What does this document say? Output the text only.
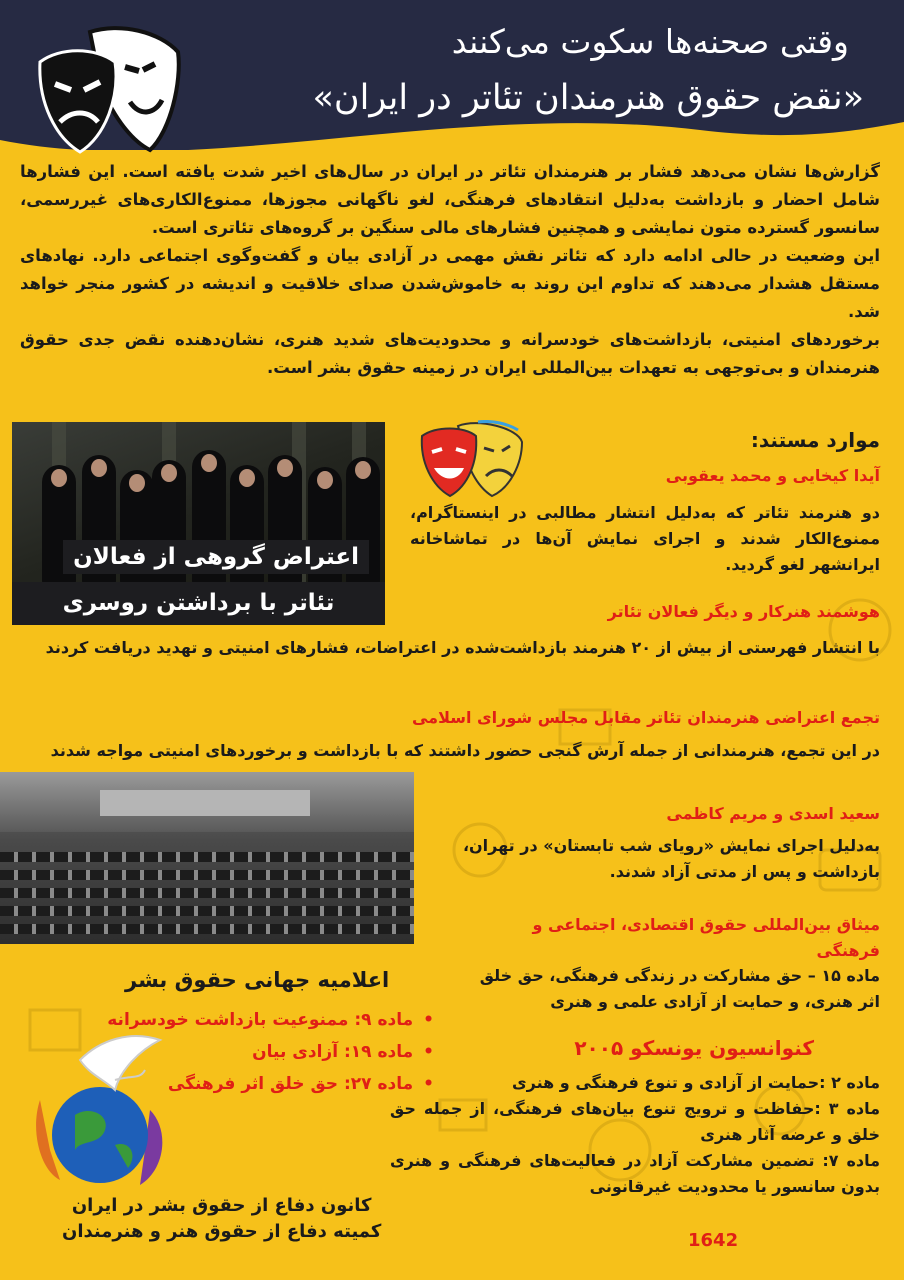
وقتی صحنه‌ها سکوت می‌کنند
«نقض حقوق هنرمندان تئاتر در ایران»

گزارش‌ها نشان می‌دهد فشار بر هنرمندان تئاتر در ایران در سال‌های اخیر شدت یافته است. این فشارها شامل احضار و بازداشت به‌دلیل انتقادهای فرهنگی، لغو ناگهانی مجوزها، ممنوع‌الکاری‌های غیررسمی، سانسور گسترده متون نمایشی و همچنین فشارهای مالی سنگین بر گروه‌های تئاتری است.

این وضعیت در حالی ادامه دارد که تئاتر نقش مهمی در آزادی بیان و گفت‌وگوی اجتماعی دارد. نهادهای مستقل هشدار می‌دهند که تداوم این روند به خاموش‌شدن صدای خلاقیت و اندیشه در کشور منجر خواهد شد.

برخوردهای امنیتی، بازداشت‌های خودسرانه و محدودیت‌های شدید هنری، نشان‌دهنده نقض جدی حقوق هنرمندان و بی‌توجهی به تعهدات بین‌المللی ایران در زمینه حقوق بشر است.

اعتراض گروهی از فعالان
تئاتر با برداشتن روسری
موارد مستند:
آیدا کیخایی و محمد یعقوبی
دو هنرمند تئاتر که به‌دلیل انتشار مطالبی در اینستاگرام، ممنوع‌الکار شدند و اجرای نمایش آن‌ها در تماشاخانه ایرانشهر لغو گردید.
هوشمند هنرکار و دیگر فعالان تئاتر
با انتشار فهرستی از بیش از ۲۰ هنرمند بازداشت‌شده در اعتراضات، فشارهای امنیتی و تهدید دریافت کردند
تجمع اعتراضی هنرمندان تئاتر مقابل مجلس شورای اسلامی
در این تجمع، هنرمندانی از جمله آرش گنجی حضور داشتند که با بازداشت و برخوردهای امنیتی مواجه شدند
سعید اسدی و مریم کاظمی
به‌دلیل اجرای نمایش «رویای شب تابستان» در تهران، بازداشت و پس از مدتی آزاد شدند.
میثاق بین‌المللی حقوق اقتصادی، اجتماعی و فرهنگی
ماده ۱۵ – حق مشارکت در زندگی فرهنگی، حق خلق اثر هنری، و حمایت از آزادی علمی و هنری
کنوانسیون یونسکو ۲۰۰۵
ماده ۲ :حمایت از آزادی و تنوع فرهنگی و هنری
ماده ۳ :حفاظت و ترویج تنوع بیان‌های فرهنگی، از جمله حق خلق و عرضه آثار هنری
ماده ۷: تضمین مشارکت آزاد در فعالیت‌های فرهنگی و هنری بدون سانسور یا محدودیت غیرقانونی
اعلامیه جهانی حقوق بشر
• ماده ۹: ممنوعیت بازداشت خودسرانه
• ماده ۱۹: آزادی بیان
• ماده ۲۷: حق خلق اثر فرهنگی
کانون دفاع از حقوق بشر در ایران
کمیته دفاع از حقوق هنر و هنرمندان	1642
